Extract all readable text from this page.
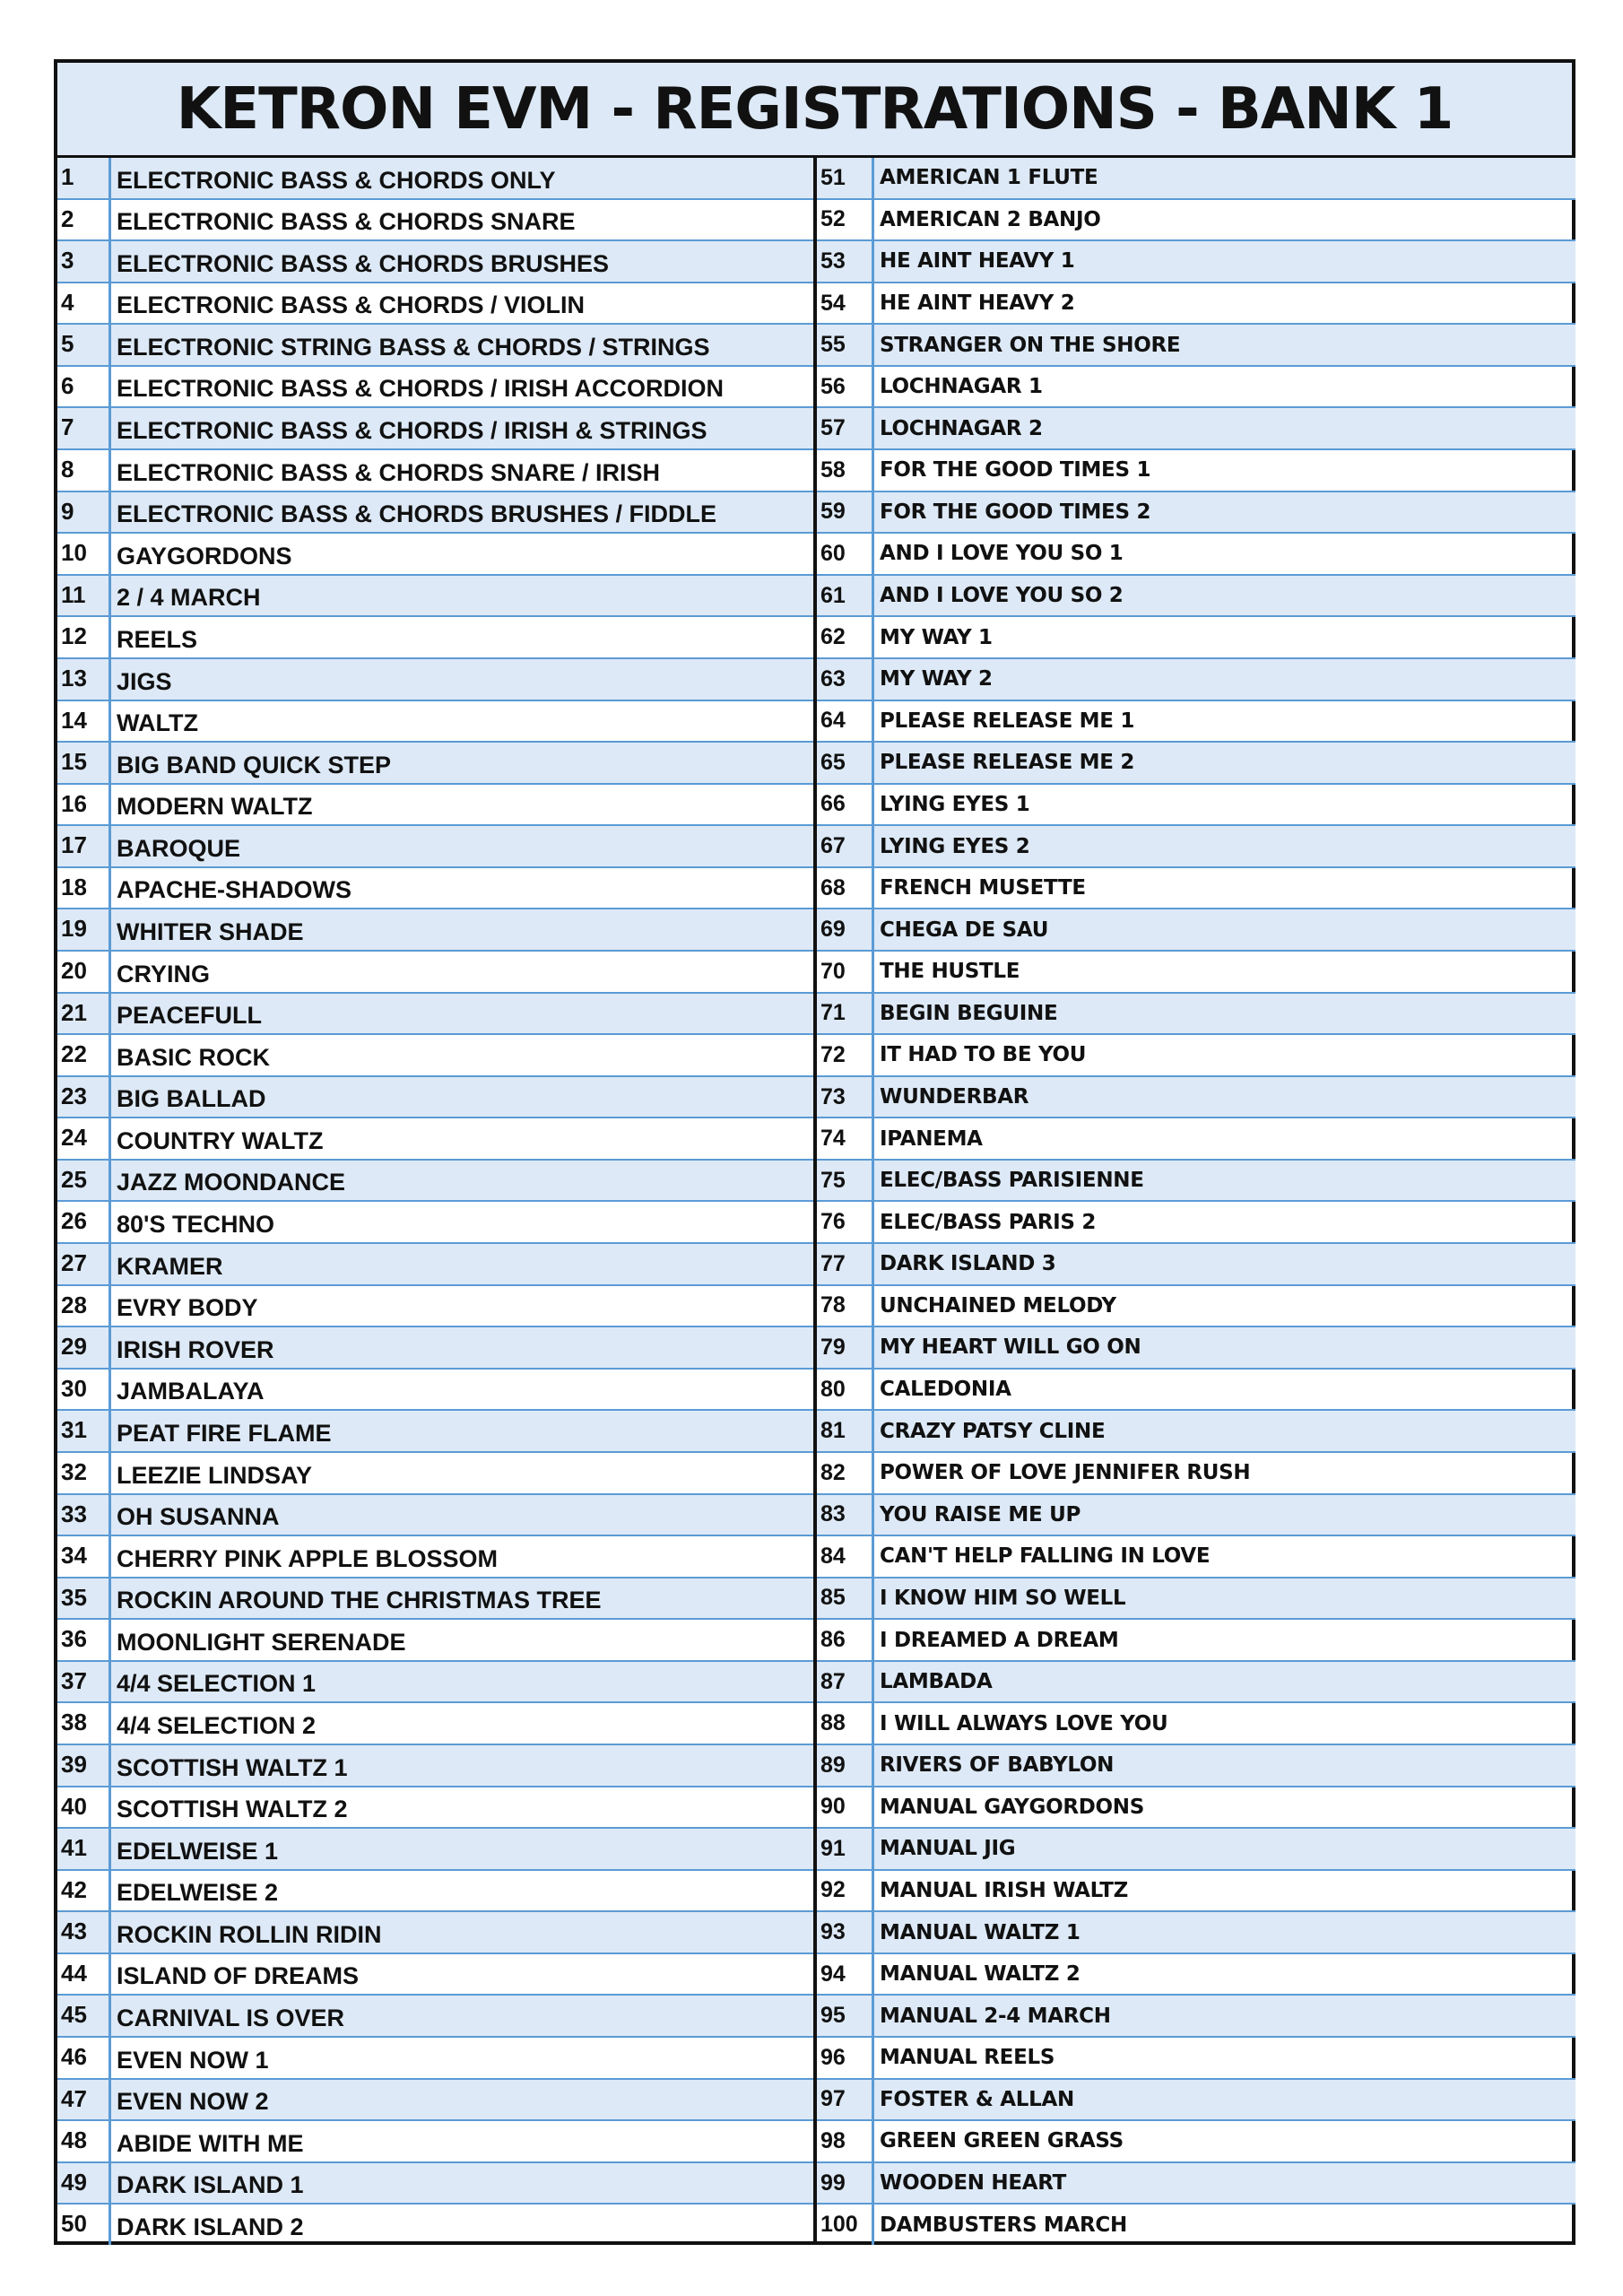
KETRON EVM - REGISTRATIONS - BANK 1
1	ELECTRONIC BASS & CHORDS ONLY
2	ELECTRONIC BASS & CHORDS SNARE
3	ELECTRONIC BASS & CHORDS BRUSHES
4	ELECTRONIC BASS & CHORDS / VIOLIN
5	ELECTRONIC STRING BASS & CHORDS / STRINGS
6	ELECTRONIC BASS & CHORDS / IRISH ACCORDION
7	ELECTRONIC BASS & CHORDS / IRISH & STRINGS
8	ELECTRONIC BASS & CHORDS SNARE / IRISH
9	ELECTRONIC BASS & CHORDS BRUSHES / FIDDLE
10	GAYGORDONS
11	2 / 4 MARCH
12	REELS
13	JIGS
14	WALTZ
15	BIG BAND QUICK STEP
16	MODERN WALTZ
17	BAROQUE
18	APACHE-SHADOWS
19	WHITER SHADE
20	CRYING
21	PEACEFULL
22	BASIC ROCK
23	BIG BALLAD
24	COUNTRY WALTZ
25	JAZZ MOONDANCE
26	80'S TECHNO
27	KRAMER
28	EVRY BODY
29	IRISH ROVER
30	JAMBALAYA
31	PEAT FIRE FLAME
32	LEEZIE LINDSAY
33	OH SUSANNA
34	CHERRY PINK APPLE BLOSSOM
35	ROCKIN AROUND THE CHRISTMAS TREE
36	MOONLIGHT SERENADE
37	4/4 SELECTION 1
38	4/4 SELECTION 2
39	SCOTTISH WALTZ 1
40	SCOTTISH WALTZ 2
41	EDELWEISE 1
42	EDELWEISE 2
43	ROCKIN ROLLIN RIDIN
44	ISLAND OF DREAMS
45	CARNIVAL IS OVER
46	EVEN NOW 1
47	EVEN NOW 2
48	ABIDE WITH ME
49	DARK ISLAND 1
50	DARK ISLAND 2
51	AMERICAN 1 FLUTE
52	AMERICAN 2 BANJO
53	HE AINT HEAVY 1
54	HE AINT HEAVY 2
55	STRANGER ON THE SHORE
56	LOCHNAGAR 1
57	LOCHNAGAR 2
58	FOR THE GOOD TIMES 1
59	FOR THE GOOD TIMES 2
60	AND I LOVE YOU SO 1
61	AND I LOVE YOU SO 2
62	MY WAY 1
63	MY WAY 2
64	PLEASE RELEASE ME 1
65	PLEASE RELEASE ME 2
66	LYING EYES 1
67	LYING EYES 2
68	FRENCH MUSETTE
69	CHEGA DE SAU
70	THE HUSTLE
71	BEGIN BEGUINE
72	IT HAD TO BE YOU
73	WUNDERBAR
74	IPANEMA
75	ELEC/BASS PARISIENNE
76	ELEC/BASS PARIS 2
77	DARK ISLAND 3
78	UNCHAINED MELODY
79	MY HEART WILL GO ON
80	CALEDONIA
81	CRAZY PATSY CLINE
82	POWER OF LOVE JENNIFER RUSH
83	YOU RAISE ME UP
84	CAN'T HELP FALLING IN LOVE
85	I KNOW HIM SO WELL
86	I DREAMED A DREAM
87	LAMBADA
88	I WILL ALWAYS LOVE YOU
89	RIVERS OF BABYLON
90	MANUAL GAYGORDONS
91	MANUAL JIG
92	MANUAL IRISH WALTZ
93	MANUAL WALTZ 1
94	MANUAL WALTZ 2
95	MANUAL 2-4 MARCH
96	MANUAL REELS
97	FOSTER & ALLAN
98	GREEN GREEN GRASS
99	WOODEN HEART
100	DAMBUSTERS MARCH
